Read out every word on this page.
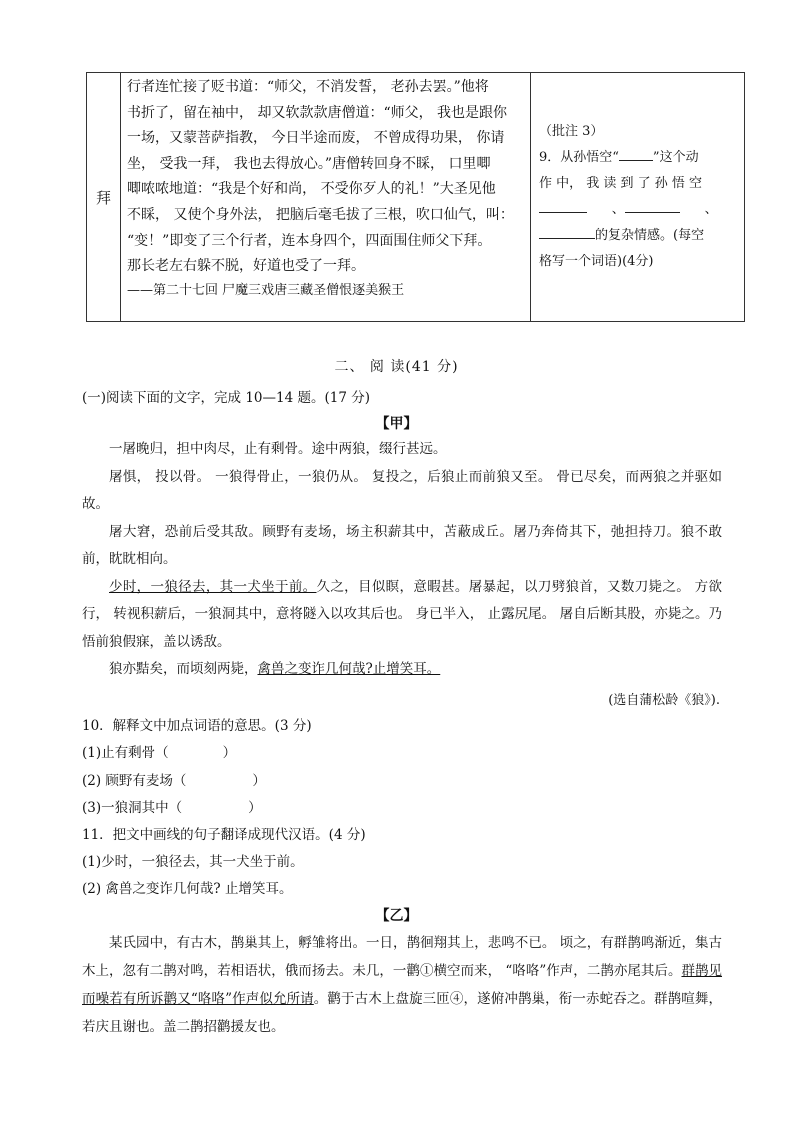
拜	

行者连忙接了贬书道：“师父，不消发誓， 老孙去罢。”他将
书折了，留在袖中， 却又软款款唐僧道：“师父， 我也是跟你
一场，又蒙菩萨指教， 今日半途而废， 不曾成得功果， 你请
坐， 受我一拜， 我也去得放心。”唐僧转回身不睬， 口里唧
唧哝哝地道：“我是个好和尚， 不受你歹人的礼！”大圣见他
不睬， 又使个身外法， 把脑后毫毛拔了三根，吹口仙气，叫：
“变！”即变了三个行者，连本身四个，四面围住师父下拜。
那长老左右躲不脱，好道也受了一拜。

——第二十七回 尸魔三戏唐三藏圣僧恨逐美猴王

（批注 3）
9．从孙悟空“	”这个动
作 中， 我 读 到 了 孙 悟 空
、	、
的复杂情感。(每空
格写一个词语)(4分)
二、 阅 读(41 分)
(一)阅读下面的文字，完成 10—14 题。(17 分)
【甲】
一屠晚归，担中肉尽，止有剩骨。途中两狼，缀行甚远。
屠惧， 投以骨。 一狼得骨止，一狼仍从。 复投之，后狼止而前狼又至。 骨已尽矣，而两狼之并驱如故。
屠大窘，恐前后受其敌。顾野有麦场，场主积薪其中，苫蔽成丘。屠乃奔倚其下，弛担持刀。狼不敢前，眈眈相向。
少时，一狼径去，其一犬坐于前。久之，目似瞑，意暇甚。屠暴起，以刀劈狼首，又数刀毙之。 方欲行， 转视积薪后，一狼洞其中，意将隧入以攻其后也。 身已半入， 止露尻尾。 屠自后断其股，亦毙之。乃悟前狼假寐，盖以诱敌。
狼亦黠矣，而顷刻两毙，禽兽之变诈几何哉?止增笑耳。
(选自蒲松龄《狼》).
10．解释文中加点词语的意思。(3 分)
(1)止有剩骨（	）
(2) 顾野有麦场（	）
(3)一狼洞其中（	）
11．把文中画线的句子翻译成现代汉语。(4 分)
(1)少时，一狼径去，其一犬坐于前。
(2) 禽兽之变诈几何哉? 止增笑耳。
【乙】
某氏园中，有古木，鹊巢其上，孵雏将出。一日，鹊徊翔其上，悲鸣不已。 顷之，有群鹊鸣渐近，集古木上，忽有二鹊对鸣，若相语状，俄而扬去。未几，一鹳①横空而来， “咯咯”作声，二鹊亦尾其后。群鹊见而噪若有所诉鹳又“咯咯”作声似允所请。鹳于古木上盘旋三匝④，遂俯冲鹊巢，衔一赤蛇吞之。群鹊喧舞，若庆且谢也。盖二鹊招鹳援友也。
